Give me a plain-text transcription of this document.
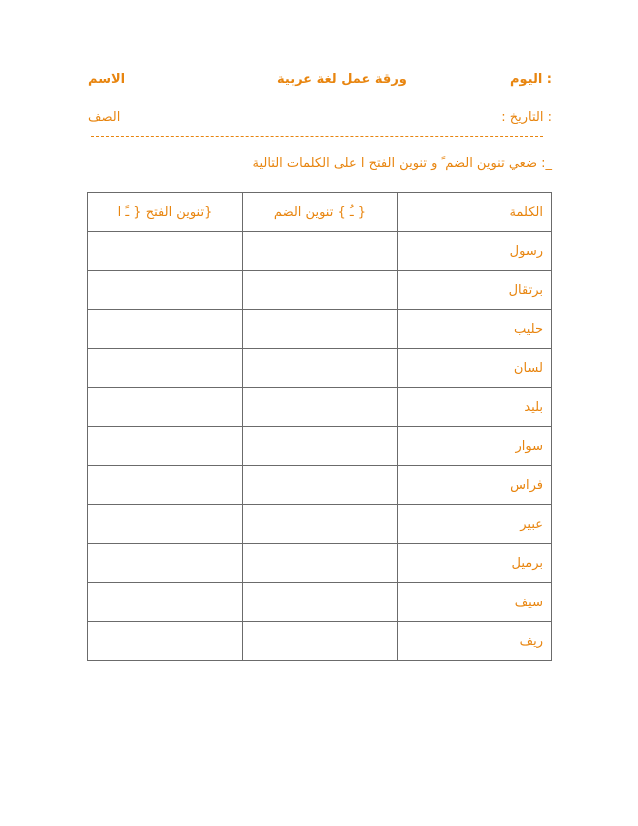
: اليوم
ورقة عمل لغة عربية
الاسم
: التاريخ :
الصف
_: ضعي تنوين الضم ً و تنوين الفتح ا على الكلمات التالية
الكلمة	{ ـُ } تنوين الضم	{تنوين الفتح { ـً ا
رسول		
برتقال		
حليب		
لسان		
بليد		
سوار		
فراس		
عبير		
برميل		
سيف		
ريف		
